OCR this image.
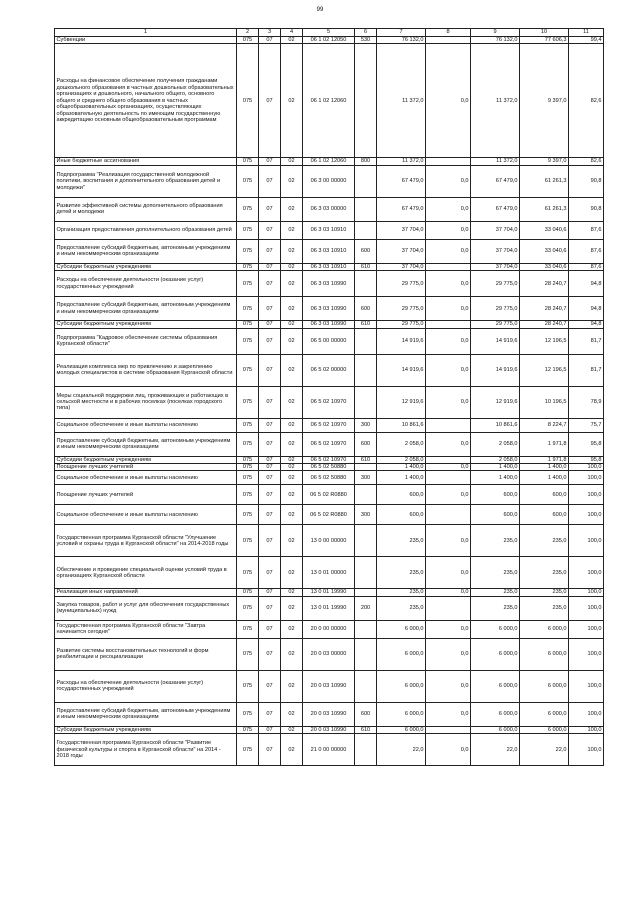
99
1	2	3	4	5	6	7	8	9	10	11
Субвенции	075	07	02	06 1 02 12050	530	76 132,0		76 132,0	77 606,3	99,4
Расходы на финансовое обеспечение получения гражданами дошкольного образования в частных дошкольных образовательных организациях и дошкольного, начального общего, основного общего и среднего общего образования в частных общеобразовательных организациях, осуществляющих образовательную деятельность по имеющим государственную аккредитацию основным общеобразовательным программам	075	07	02	06 1 02 12060		11 372,0	0,0	11 372,0	9 397,0	82,6
Иные бюджетные ассигнования	075	07	02	06 1 02 12060	800	11 372,0		11 372,0	9 397,0	82,6
Подпрограмма "Реализация государственной молодежной политики, воспитания и дополнительного образования детей и молодежи"	075	07	02	06 3 00 00000		67 479,0	0,0	67 479,0	61 261,3	90,8
Развитие эффективной системы дополнительного образования детей и молодежи	075	07	02	06 3 03 00000		67 479,0	0,0	67 479,0	61 261,3	90,8
Организация предоставления дополнительного образования детей	075	07	02	06 3 03 10910		37 704,0	0,0	37 704,0	33 040,6	87,6
Предоставление субсидий бюджетным, автономным учреждениям и иным некоммерческим организациям	075	07	02	06 3 03 10910	600	37 704,0	0,0	37 704,0	33 040,6	87,6
Субсидии бюджетным учреждениям	075	07	02	06 3 03 10910	610	37 704,0		37 704,0	33 040,6	87,6
Расходы на обеспечение деятельности (оказание услуг) государственных учреждений	075	07	02	06 3 03 10990		29 775,0	0,0	29 775,0	28 240,7	94,8
Предоставление субсидий бюджетным, автономным учреждениям и иным некоммерческим организациям	075	07	02	06 3 03 10990	600	29 775,0	0,0	29 775,0	28 240,7	94,8
Субсидии бюджетным учреждениям	075	07	02	06 3 03 10990	610	29 775,0		29 775,0	28 240,7	94,8
Подпрограмма "Кадровое обеспечение системы образования Курганской области"	075	07	02	06 5 00 00000		14 919,6	0,0	14 919,6	12 196,5	81,7
Реализация комплекса мер по привлечению и закреплению молодых специалистов в системе образования Курганской области	075	07	02	06 5 02 00000		14 919,6	0,0	14 919,6	12 196,5	81,7
Меры социальной поддержки лиц, проживающих и работающих в сельской местности и в рабочих поселках (поселках городского типа)	075	07	02	06 5 02 10970		12 919,6	0,0	12 919,6	10 196,5	78,9
Социальное обеспечение и иные выплаты населению	075	07	02	06 5 02 10970	300	10 861,6		10 861,6	8 224,7	75,7
Предоставление субсидий бюджетным, автономным учреждениям и иным некоммерческим организациям	075	07	02	06 5 02 10970	600	2 058,0	0,0	2 058,0	1 971,8	95,8
Субсидии бюджетным учреждениям	075	07	02	06 5 02 10970	610	2 058,0		2 058,0	1 971,8	95,8
Поощрение лучших учителей	075	07	02	06 5 02 50880		1 400,0	0,0	1 400,0	1 400,0	100,0
Социальное обеспечение и иные выплаты населению	075	07	02	06 5 02 50880	300	1 400,0		1 400,0	1 400,0	100,0
Поощрение лучших учителей	075	07	02	06 5 02 R0880		600,0	0,0	600,0	600,0	100,0
Социальное обеспечение и иные выплаты населению	075	07	02	06 5 02 R0880	300	600,0		600,0	600,0	100,0
Государственная программа Курганской области "Улучшение условий и охраны труда в Курганской области" на 2014-2018 годы	075	07	02	13 0 00 00000		235,0	0,0	235,0	235,0	100,0
Обеспечение и проведение специальной оценки условий труда в организациях Курганской области	075	07	02	13 0 01 00000		235,0	0,0	235,0	235,0	100,0
Реализация иных направлений	075	07	02	13 0 01 19990		235,0	0,0	235,0	235,0	100,0
Закупка товаров, работ и услуг для обеспечения государственных (муниципальных) нужд	075	07	02	13 0 01 19990	200	235,0		235,0	235,0	100,0
Государственная программа Курганской области "Завтра начинается сегодня"	075	07	02	20 0 00 00000		6 000,0	0,0	6 000,0	6 000,0	100,0
Развитие системы восстановительных технологий и форм реабилитации и ресоциализации	075	07	02	20 0 03 00000		6 000,0	0,0	6 000,0	6 000,0	100,0
Расходы на обеспечение деятельности (оказание услуг) государственных учреждений	075	07	02	20 0 03 10990		6 000,0	0,0	6 000,0	6 000,0	100,0
Предоставление субсидий бюджетным, автономным учреждениям и иным некоммерческим организациям	075	07	02	20 0 03 10990	600	6 000,0	0,0	6 000,0	6 000,0	100,0
Субсидии бюджетным учреждениям	075	07	02	20 0 03 10990	610	6 000,0		6 000,0	6 000,0	100,0
Государственная программа Курганской области "Развитие физической культуры и спорта в Курганской области" на 2014 - 2018 годы	075	07	02	21 0 00 00000		22,0	0,0	22,0	22,0	100,0
